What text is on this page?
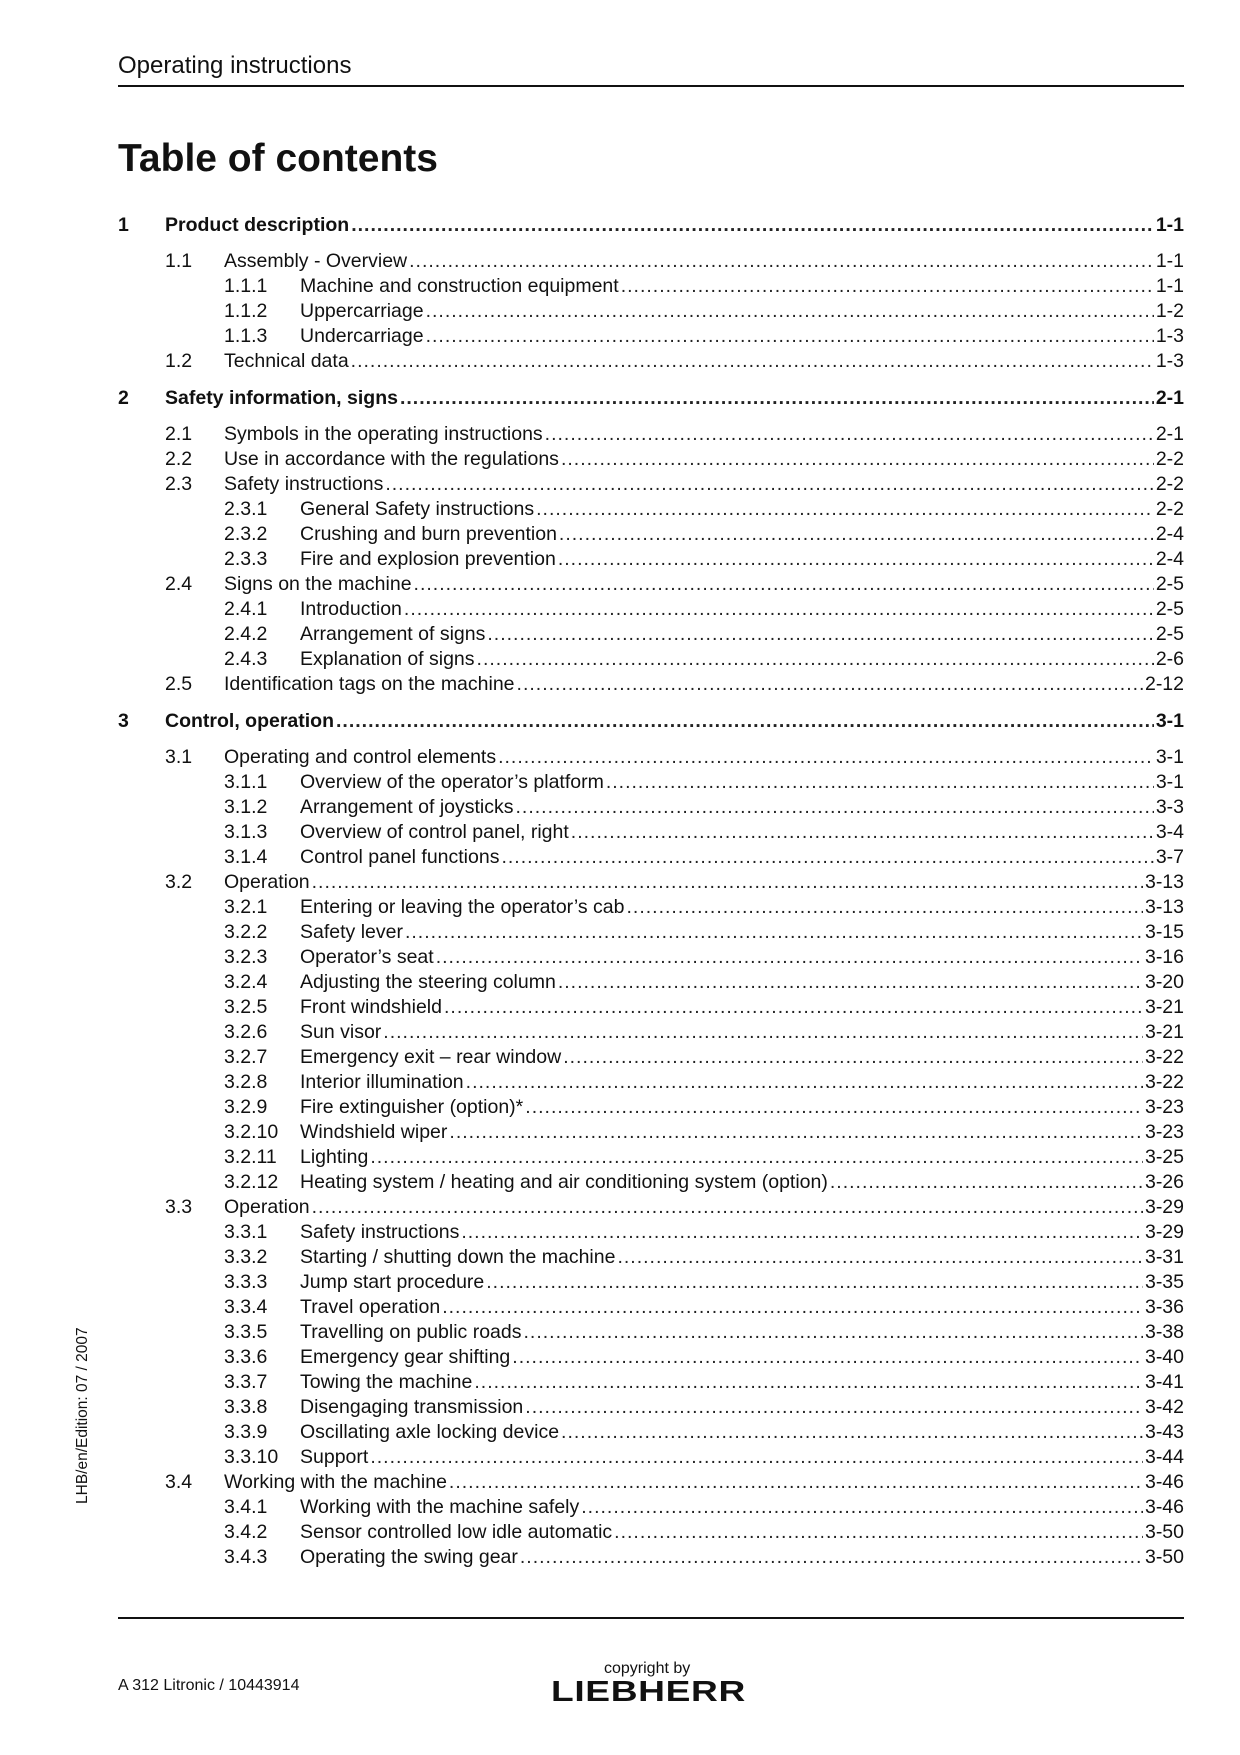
Operating instructions
Table of contents
1	Product description .....	1-1
1.1	Assembly - Overview .....	1-1
1.1.1	Machine and construction equipment .....	1-1
1.1.2	Uppercarriage .....	1-2
1.1.3	Undercarriage .....	1-3
1.2	Technical data .....	1-3
2	Safety information, signs .....	2-1
2.1	Symbols in the operating instructions .....	2-1
2.2	Use in accordance with the regulations .....	2-2
2.3	Safety instructions .....	2-2
2.3.1	General Safety instructions .....	2-2
2.3.2	Crushing and burn prevention .....	2-4
2.3.3	Fire and explosion prevention .....	2-4
2.4	Signs on the machine .....	2-5
2.4.1	Introduction .....	2-5
2.4.2	Arrangement of signs .....	2-5
2.4.3	Explanation of signs .....	2-6
2.5	Identification tags on the machine .....	2-12
3	Control, operation .....	3-1
3.1	Operating and control elements .....	3-1
3.1.1	Overview of the operator’s platform .....	3-1
3.1.2	Arrangement of joysticks .....	3-3
3.1.3	Overview of control panel, right .....	3-4
3.1.4	Control panel functions .....	3-7
3.2	Operation .....	3-13
3.2.1	Entering or leaving the operator’s cab .....	3-13
3.2.2	Safety lever .....	3-15
3.2.3	Operator’s seat .....	3-16
3.2.4	Adjusting the steering column .....	3-20
3.2.5	Front windshield .....	3-21
3.2.6	Sun visor .....	3-21
3.2.7	Emergency exit – rear window .....	3-22
3.2.8	Interior illumination .....	3-22
3.2.9	Fire extinguisher (option)* .....	3-23
3.2.10	Windshield wiper .....	3-23
3.2.11	Lighting .....	3-25
3.2.12	Heating system / heating and air conditioning system (option) .....	3-26
3.3	Operation .....	3-29
3.3.1	Safety instructions .....	3-29
3.3.2	Starting / shutting down the machine .....	3-31
3.3.3	Jump start procedure .....	3-35
3.3.4	Travel operation .....	3-36
3.3.5	Travelling on public roads .....	3-38
3.3.6	Emergency gear shifting .....	3-40
3.3.7	Towing the machine .....	3-41
3.3.8	Disengaging transmission .....	3-42
3.3.9	Oscillating axle locking device .....	3-43
3.3.10	Support .....	3-44
3.4	Working with the machine .....	3-46
3.4.1	Working with the machine safely .....	3-46
3.4.2	Sensor controlled low idle automatic .....	3-50
3.4.3	Operating the swing gear .....	3-50
LHB/en/Edition: 07 / 2007
A 312 Litronic / 10443914
copyright by
LIEBHERR
